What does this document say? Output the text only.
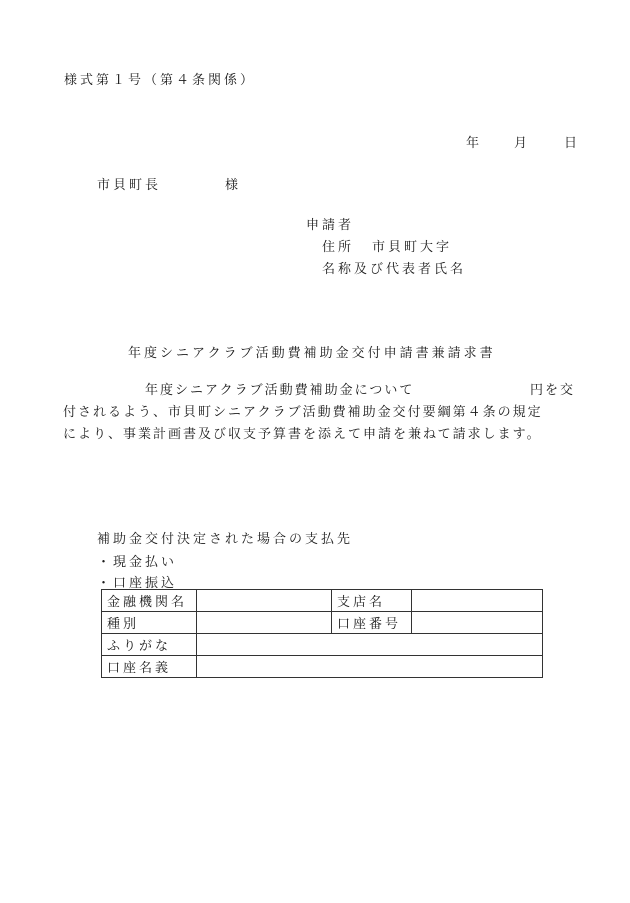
様式第１号（第４条関係）
年 月	日
市貝町長	様
申請者
住所 市貝町大字
名称及び代表者氏名
年度シニアクラブ活動費補助金交付申請書兼請求書
年度シニアクラブ活動費補助金について	円を交
付されるよう、市貝町シニアクラブ活動費補助金交付要綱第４条の規定
により、事業計画書及び収支予算書を添えて申請を兼ねて請求します。
補助金交付決定された場合の支払先
・現金払い
・口座振込
金融機関名		支店名	
種別		口座番号	
ふりがな			
口座名義			
